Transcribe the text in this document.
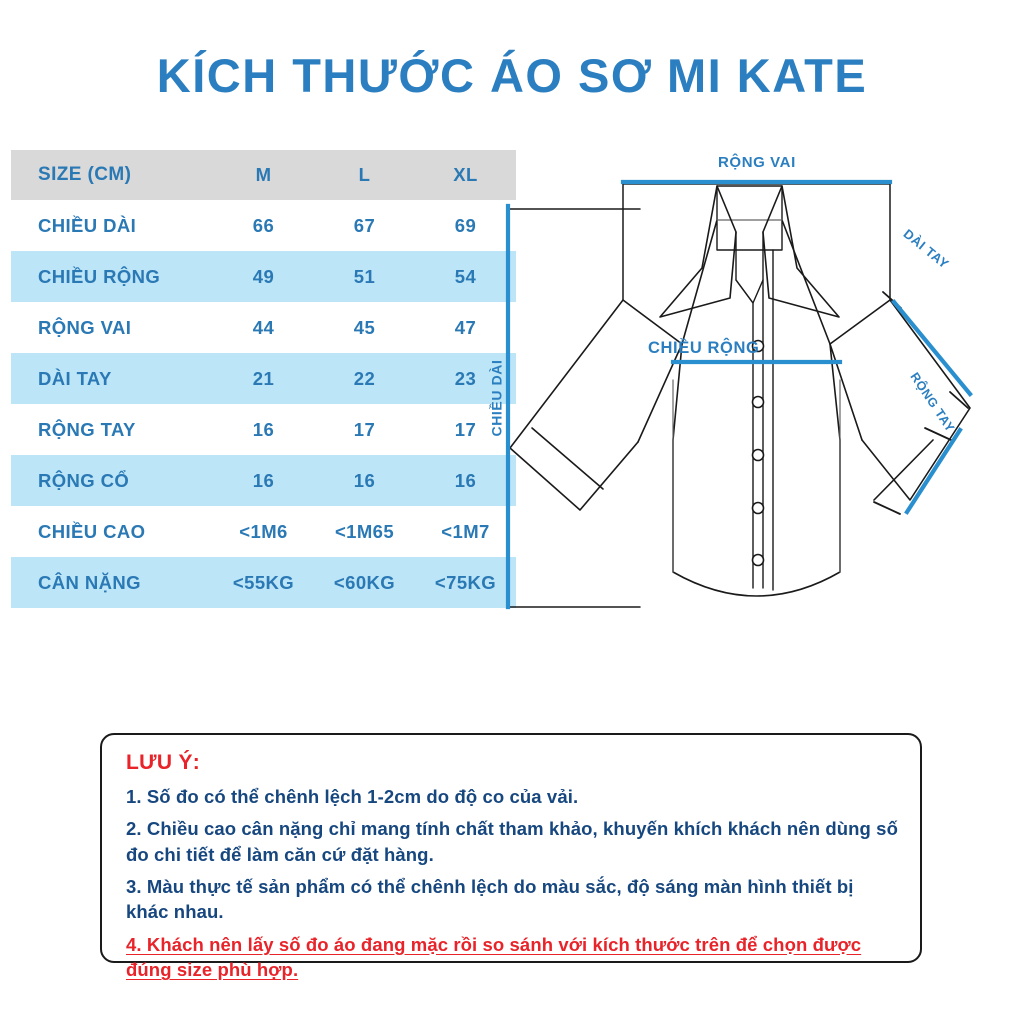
KÍCH THƯỚC ÁO SƠ MI KATE
SIZE (CM)	M	L	XL
CHIỀU DÀI	66	67	69
CHIỀU RỘNG	49	51	54
RỘNG VAI	44	45	47
DÀI TAY	21	22	23
RỘNG TAY	16	17	17
RỘNG CỔ	16	16	16
CHIỀU CAO	<1M6	<1M65	<1M7
CÂN NẶNG	<55KG	<60KG	<75KG
RỘNG VAI
CHIỀU RỘNG
CHIỀU DÀI
DÀI TAY
RỘNG TAY
LƯU Ý:
1. Số đo có thể chênh lệch 1-2cm do độ co của vải.
2. Chiều cao cân nặng chỉ mang tính chất tham khảo, khuyến khích khách nên dùng số đo chi tiết để làm căn cứ đặt hàng.
3. Màu thực tế sản phẩm có thể chênh lệch do màu sắc, độ sáng màn hình thiết bị khác nhau.
4. Khách nên lấy số đo áo đang mặc rồi so sánh với kích thước trên để chọn được đúng size phù hợp.
